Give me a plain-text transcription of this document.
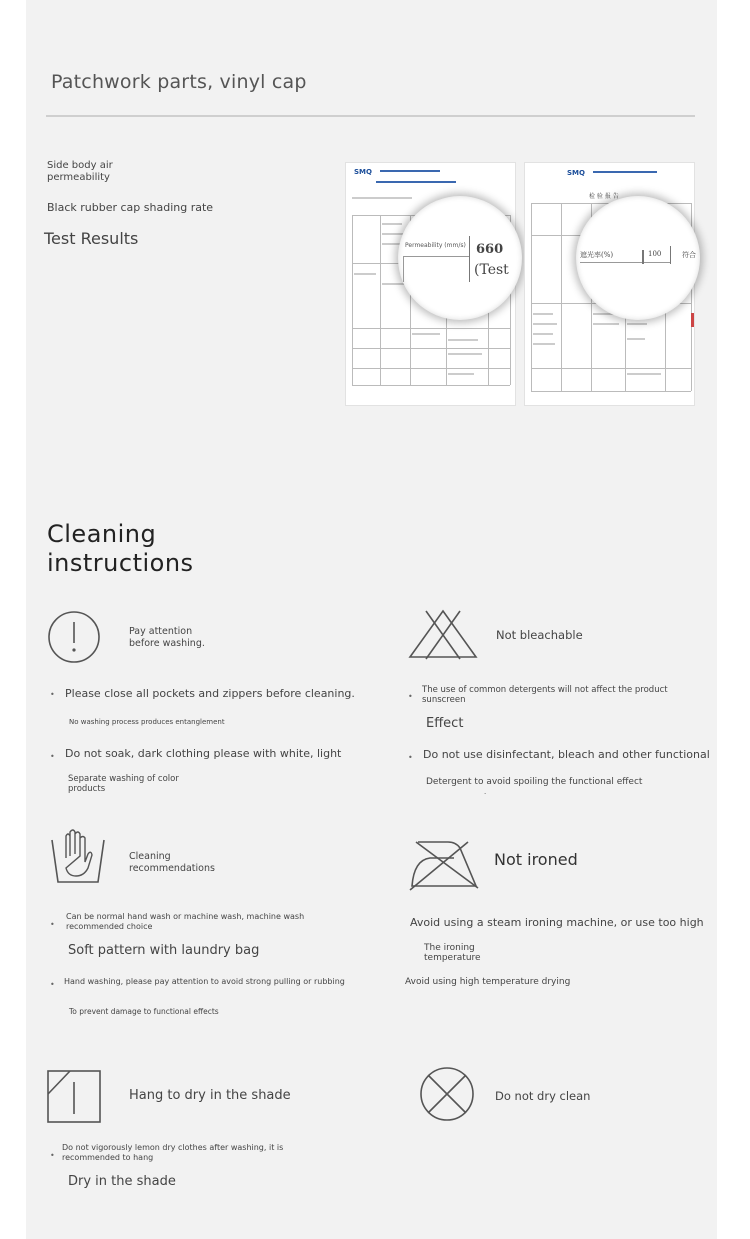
Patchwork parts, vinyl cap
Side body air
permeability
Black rubber cap shading rate
Test Results
SMQ
Permeability (mm/s) 660
(Test
SMQ
检 验 报 告
遮光率(%)	100	符合
Cleaning
instructions
Pay attention
before washing.
• Please close all pockets and zippers before cleaning.
No washing process produces entanglement
• Do not soak, dark clothing please with white, light
Separate washing of color
products
Not bleachable
•
The use of common detergents will not affect the product
sunscreen
Effect
• Do not use disinfectant, bleach and other functional
Detergent to avoid spoiling the functional effect
.
Cleaning
recommendations
•
Can be normal hand wash or machine wash, machine wash
recommended choice
Soft pattern with laundry bag
• Hand washing, please pay attention to avoid strong pulling or rubbing
To prevent damage to functional effects
Not ironed
Avoid using a steam ironing machine, or use too high
The ironing
temperature
Avoid using high temperature drying
Hang to dry in the shade
•
Do not vigorously lemon dry clothes after washing, it is
recommended to hang
Dry in the shade
Do not dry clean
